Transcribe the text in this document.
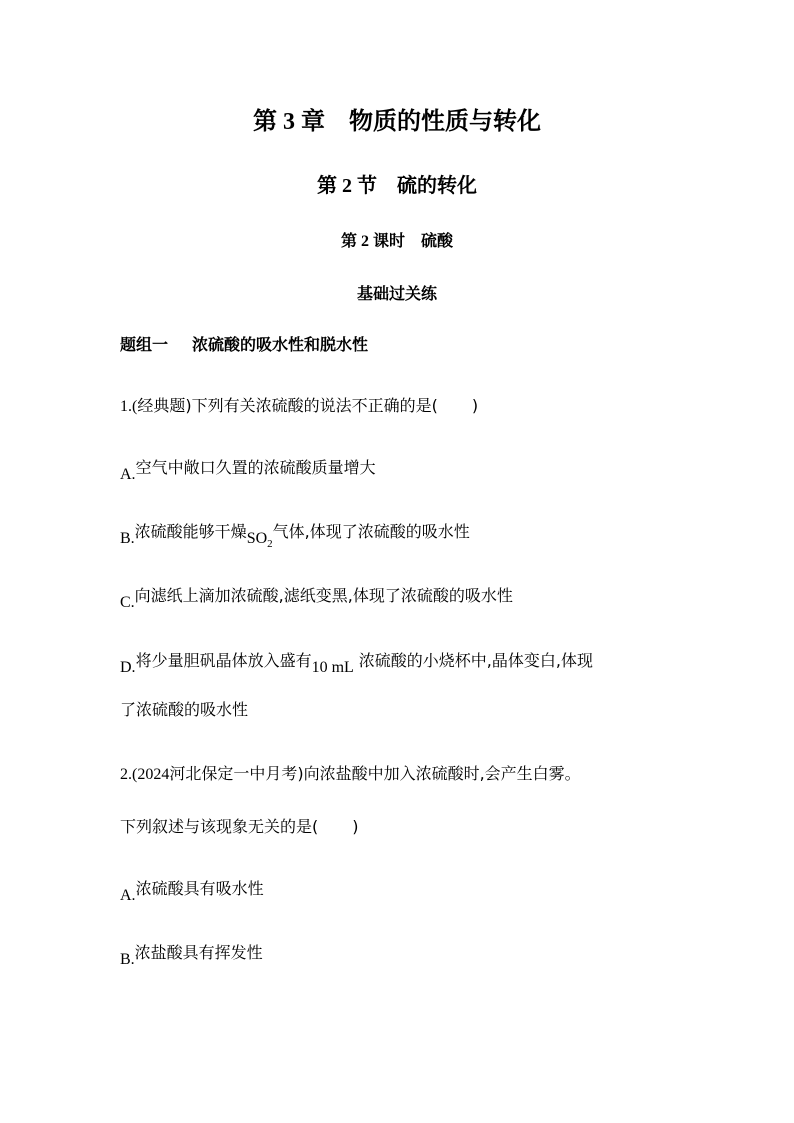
第 3 章 物质的性质与转化
第 2 节 硫的转化
第 2 课时 硫酸
基础过关练
题组一 浓硫酸的吸水性和脱水性
1.(经典题)下列有关浓硫酸的说法不正确的是( )
A.空气中敞口久置的浓硫酸质量增大
B.浓硫酸能够干燥$SO_2$气体,体现了浓硫酸的吸水性
C.向滤纸上滴加浓硫酸,滤纸变黑,体现了浓硫酸的吸水性
D.将少量胆矾晶体放入盛有10 mL 浓硫酸的小烧杯中,晶体变白,体现
了浓硫酸的吸水性
2.(2024河北保定一中月考)向浓盐酸中加入浓硫酸时,会产生白雾。
下列叙述与该现象无关的是( )
A.浓硫酸具有吸水性
B.浓盐酸具有挥发性
